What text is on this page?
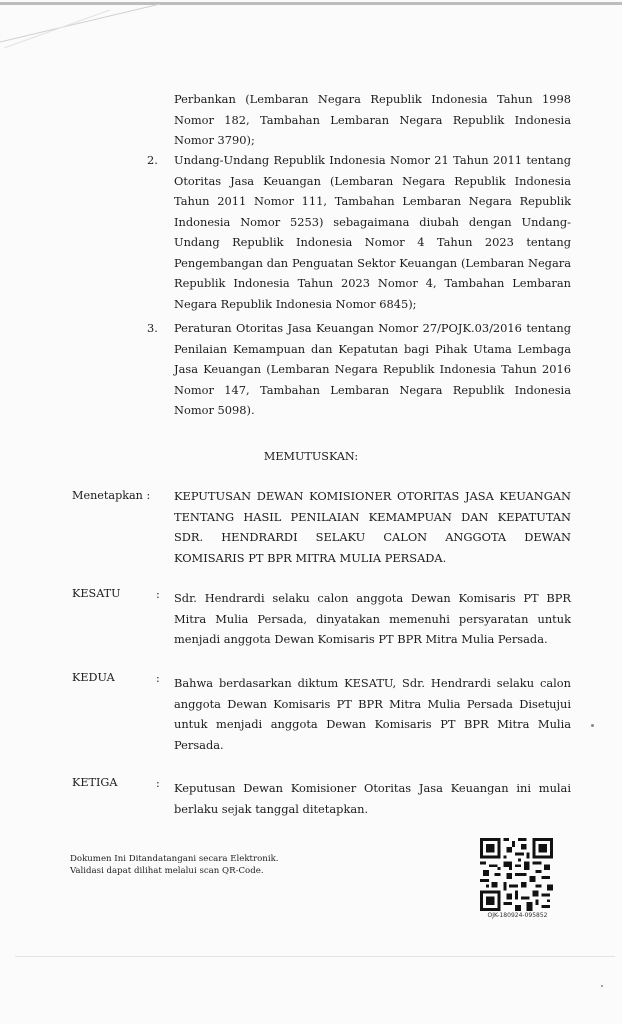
Perbankan (Lembaran Negara Republik Indonesia Tahun 1998 Nomor 182, Tambahan Lembaran Negara Republik Indonesia Nomor 3790);
2. Undang-Undang Republik Indonesia Nomor 21 Tahun 2011 tentang Otoritas Jasa Keuangan (Lembaran Negara Republik Indonesia Tahun 2011 Nomor 111, Tambahan Lembaran Negara Republik Indonesia Nomor 5253) sebagaimana diubah dengan Undang-Undang Republik Indonesia Nomor 4 Tahun 2023 tentang Pengembangan dan Penguatan Sektor Keuangan (Lembaran Negara Republik Indonesia Tahun 2023 Nomor 4, Tambahan Lembaran Negara Republik Indonesia Nomor 6845);
3. Peraturan Otoritas Jasa Keuangan Nomor 27/POJK.03/2016 tentang Penilaian Kemampuan dan Kepatutan bagi Pihak Utama Lembaga Jasa Keuangan (Lembaran Negara Republik Indonesia Tahun 2016 Nomor 147, Tambahan Lembaran Negara Republik Indonesia Nomor 5098).
MEMUTUSKAN:
Menetapkan : KEPUTUSAN DEWAN KOMISIONER OTORITAS JASA KEUANGAN TENTANG HASIL PENILAIAN KEMAMPUAN DAN KEPATUTAN SDR. HENDRARDI SELAKU CALON ANGGOTA DEWAN KOMISARIS PT BPR MITRA MULIA PERSADA.
KESATU	: Sdr. Hendrardi selaku calon anggota Dewan Komisaris PT BPR Mitra Mulia Persada, dinyatakan memenuhi persyaratan untuk menjadi anggota Dewan Komisaris PT BPR Mitra Mulia Persada.
KEDUA	: Bahwa berdasarkan diktum KESATU, Sdr. Hendrardi selaku calon anggota Dewan Komisaris PT BPR Mitra Mulia Persada Disetujui untuk menjadi anggota Dewan Komisaris PT BPR Mitra Mulia Persada.
KETIGA	: Keputusan Dewan Komisioner Otoritas Jasa Keuangan ini mulai berlaku sejak tanggal ditetapkan.
Dokumen Ini Ditandatangani secara Elektronik.
Validasi dapat dilihat melalui scan QR-Code.
OJK-180924-095852
